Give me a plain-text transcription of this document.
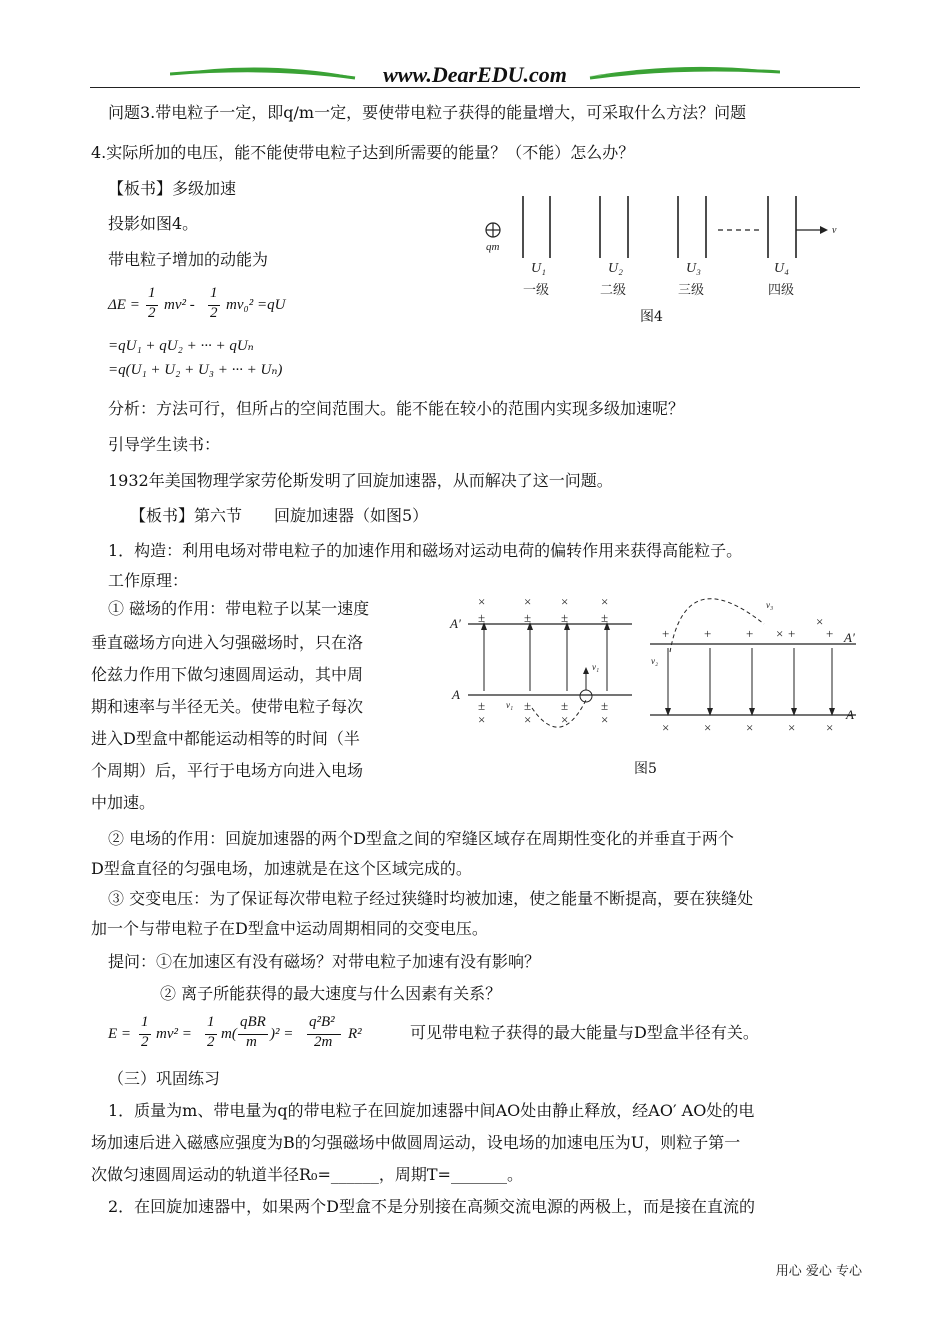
www.DearEDU.com
问题3.带电粒子一定，即q/m一定，要使带电粒子获得的能量增大，可采取什么方法？问题
4.实际所加的电压，能不能使带电粒子达到所需要的能量？（不能）怎么办？
【板书】多级加速
投影如图4。
带电粒子增加的动能为
ΔE =
1
2 mv² -
1
2 mv₀² =qU
=qU₁ + qU₂ + ··· + qUₙ
=q(U₁ + U₂ + U₃ + ··· + Uₙ)
qm
v
U₁	U₂	U₃	U₄
一级	二级	三级	四级
图4
分析：方法可行，但所占的空间范围大。能不能在较小的范围内实现多级加速呢？
引导学生读书：
1932年美国物理学家劳伦斯发明了回旋加速器，从而解决了这一问题。
【板书】第六节　　回旋加速器（如图5）
1．构造：利用电场对带电粒子的加速作用和磁场对运动电荷的偏转作用来获得高能粒子。
工作原理：
① 磁场的作用：带电粒子以某一速度
垂直磁场方向进入匀强磁场时，只在洛
伦兹力作用下做匀速圆周运动，其中周
期和速率与半径无关。使带电粒子每次
进入D型盒中都能运动相等的时间（半
个周期）后，平行于电场方向进入电场
中加速。
×	× ×	×
±	± ±	±
±	± ±	±
×	× ×	×
A′
A
v₁
v₁
+	+	+	+ +
×	×	×	× ×
×
×
A′
A
v₂
v₃
图5
② 电场的作用：回旋加速器的两个D型盒之间的窄缝区域存在周期性变化的并垂直于两个
D型盒直径的匀强电场，加速就是在这个区域完成的。
③ 交变电压：为了保证每次带电粒子经过狭缝时均被加速，使之能量不断提高，要在狭缝处
加一个与带电粒子在D型盒中运动周期相同的交变电压。
提问：①在加速区有没有磁场？对带电粒子加速有没有影响？
② 离子所能获得的最大速度与什么因素有关系？
E =
1
2 mv² =
1
2 m(
qBR
m )² =
q²B²
2m R²	可见带电粒子获得的最大能量与D型盒半径有关。
（三）巩固练习
1．质量为m、带电量为q的带电粒子在回旋加速器中间AO处由静止释放，经AO′ AO处的电
场加速后进入磁感应强度为B的匀强磁场中做圆周运动，设电场的加速电压为U，则粒子第一
次做匀速圆周运动的轨道半径R₀=______，周期T=_______。
2．在回旋加速器中，如果两个D型盒不是分别接在高频交流电源的两极上，而是接在直流的
用心 爱心 专心
